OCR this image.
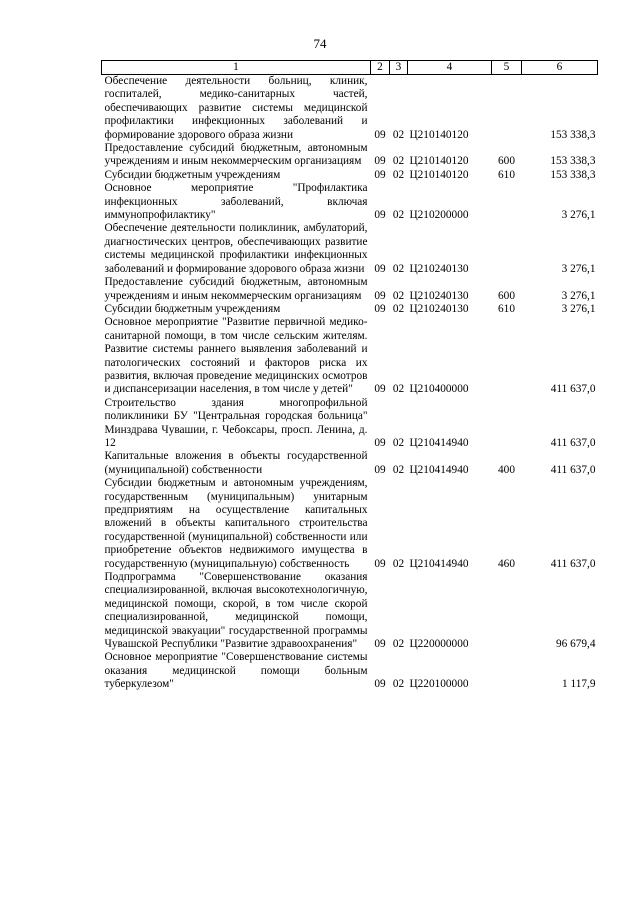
74
1	2	3	4	5	6
Обеспечение деятельности больниц, клиник, госпиталей, медико-санитарных частей, обеспечивающих развитие системы медицинской профилактики инфекционных заболеваний и формирование здорового образа жизни	09	02	Ц210140120		153 338,3
Предоставление субсидий бюджетным, автономным учреждениям и иным некоммерческим организациям	09	02	Ц210140120	600	153 338,3
Субсидии бюджетным учреждениям	09	02	Ц210140120	610	153 338,3
Основное мероприятие "Профилактика инфекционных заболеваний, включая иммунопрофилактику"	09	02	Ц210200000		3 276,1
Обеспечение деятельности поликлиник, амбулаторий, диагностических центров, обеспечивающих развитие системы медицинской профилактики инфекционных заболеваний и формирование здорового образа жизни	09	02	Ц210240130		3 276,1
Предоставление субсидий бюджетным, автономным учреждениям и иным некоммерческим организациям	09	02	Ц210240130	600	3 276,1
Субсидии бюджетным учреждениям	09	02	Ц210240130	610	3 276,1
Основное мероприятие "Развитие первичной медико-санитарной помощи, в том числе сельским жителям. Развитие системы раннего выявления заболеваний и патологических состояний и факторов риска их развития, включая проведение медицинских осмотров и диспансеризации населения, в том числе у детей"	09	02	Ц210400000		411 637,0
Строительство здания многопрофильной поликлиники БУ "Центральная городская больница" Минздрава Чувашии, г. Чебоксары, просп. Ленина, д. 12	09	02	Ц210414940		411 637,0
Капитальные вложения в объекты государственной (муниципальной) собственности	09	02	Ц210414940	400	411 637,0
Субсидии бюджетным и автономным учреждениям, государственным (муниципальным) унитарным предприятиям на осуществление капитальных вложений в объекты капитального строительства государственной (муниципальной) собственности или приобретение объектов недвижимого имущества в государственную (муниципальную) собственность	09	02	Ц210414940	460	411 637,0
Подпрограмма "Совершенствование оказания специализированной, включая высокотехнологичную, медицинской помощи, скорой, в том числе скорой специализированной, медицинской помощи, медицинской эвакуации" государственной программы Чувашской Республики "Развитие здравоохранения"	09	02	Ц220000000		96 679,4
Основное мероприятие "Совершенствование системы оказания медицинской помощи больным туберкулезом"	09	02	Ц220100000		1 117,9
